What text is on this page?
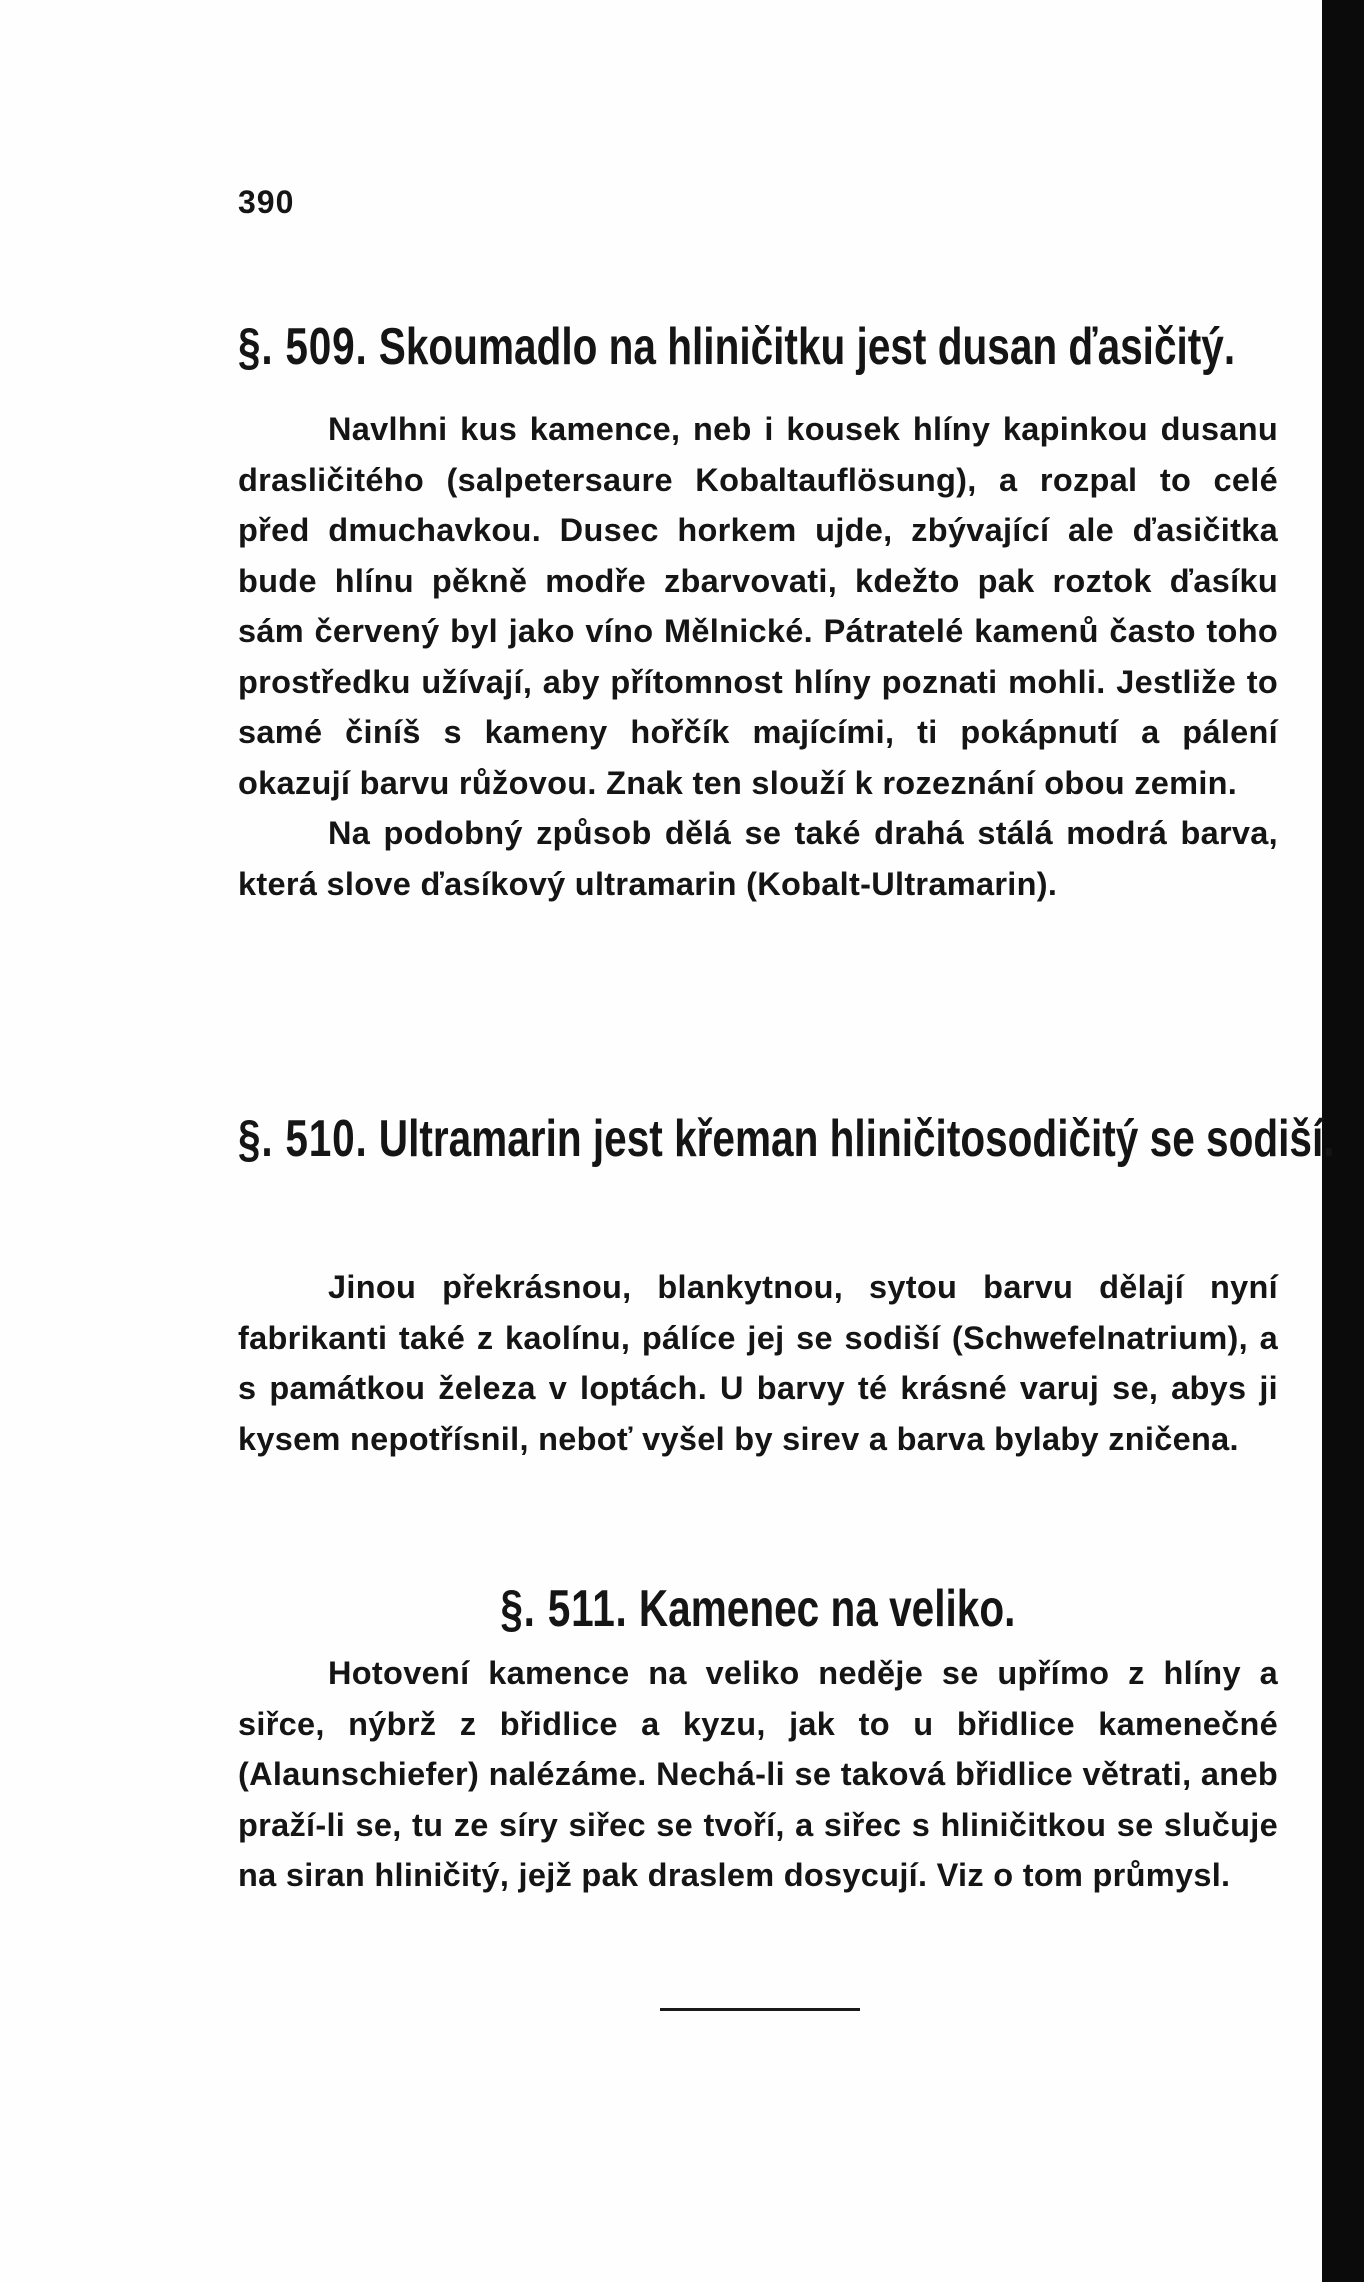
390
§. 509. Skoumadlo na hliničitku jest dusan ďasičitý.

Navlhni kus kamence, neb i kousek hlíny kapinkou dusanu drasličitého (salpetersaure Kobaltauflösung), a rozpal to celé před dmuchavkou. Dusec horkem ujde, zbývající ale ďasičitka bude hlínu pěkně modře zbarvovati, kdežto pak roztok ďasíku sám červený byl jako víno Mělnické. Pátratelé kamenů často toho prostředku užívají, aby přítomnost hlíny poznati mohli. Jestliže to samé činíš s kameny hořčík majícími, ti pokápnutí a pálení okazují barvu růžovou. Znak ten slouží k rozeznání obou zemin.

Na podobný způsob dělá se také drahá stálá modrá barva, která slove ďasíkový ultramarin (Kobalt-Ultramarin).

§. 510. Ultramarin jest křeman hliničitosodičitý se sodiší.

Jinou překrásnou, blankytnou, sytou barvu dělají nyní fabrikanti také z kaolínu, pálíce jej se sodiší (Schwefelnatrium), a s památkou železa v loptách. U barvy té krásné varuj se, abys ji kysem nepotřísnil, neboť vyšel by sirev a barva bylaby zničena.

§. 511. Kamenec na veliko.

Hotovení kamence na veliko neděje se upřímo z hlíny a siřce, nýbrž z břidlice a kyzu, jak to u břidlice kamenečné (Alaunschiefer) nalézáme. Nechá-li se taková břidlice větrati, aneb praží-li se, tu ze síry siřec se tvoří, a siřec s hliničitkou se slučuje na siran hliničitý, jejž pak draslem dosycují. Viz o tom průmysl.
